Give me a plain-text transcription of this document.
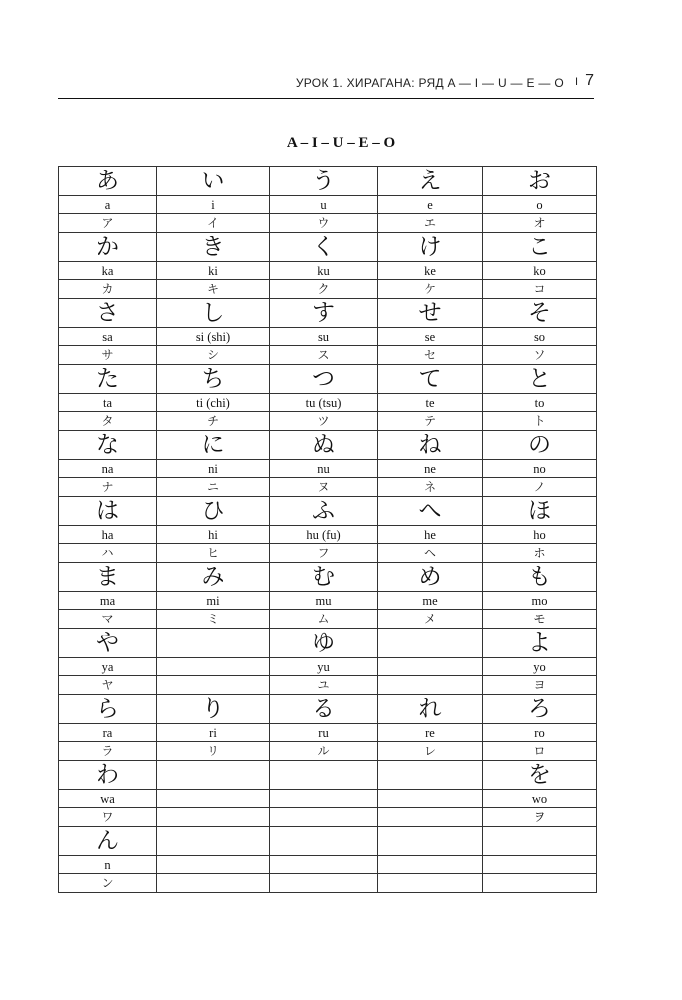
УРОК 1. ХИРАГАНА: РЯД A — I — U — E — O I 7
A – I – U – E – O
あ	い	う	え	お
a	i	u	e	o
ア	イ	ウ	エ	オ
か	き	く	け	こ
ka	ki	ku	ke	ko
カ	キ	ク	ケ	コ
さ	し	す	せ	そ
sa	si (shi)	su	se	so
サ	シ	ス	セ	ソ
た	ち	つ	て	と
ta	ti (chi)	tu (tsu)	te	to
タ	チ	ツ	テ	ト
な	に	ぬ	ね	の
na	ni	nu	ne	no
ナ	ニ	ヌ	ネ	ノ
は	ひ	ふ	へ	ほ
ha	hi	hu (fu)	he	ho
ハ	ヒ	フ	ヘ	ホ
ま	み	む	め	も
ma	mi	mu	me	mo
マ	ミ	ム	メ	モ
や		ゆ		よ
ya		yu		yo
ヤ		ユ		ヨ
ら	り	る	れ	ろ
ra	ri	ru	re	ro
ラ	リ	ル	レ	ロ
わ				を
wa				wo
ワ				ヲ
ん				
n				
ン				
